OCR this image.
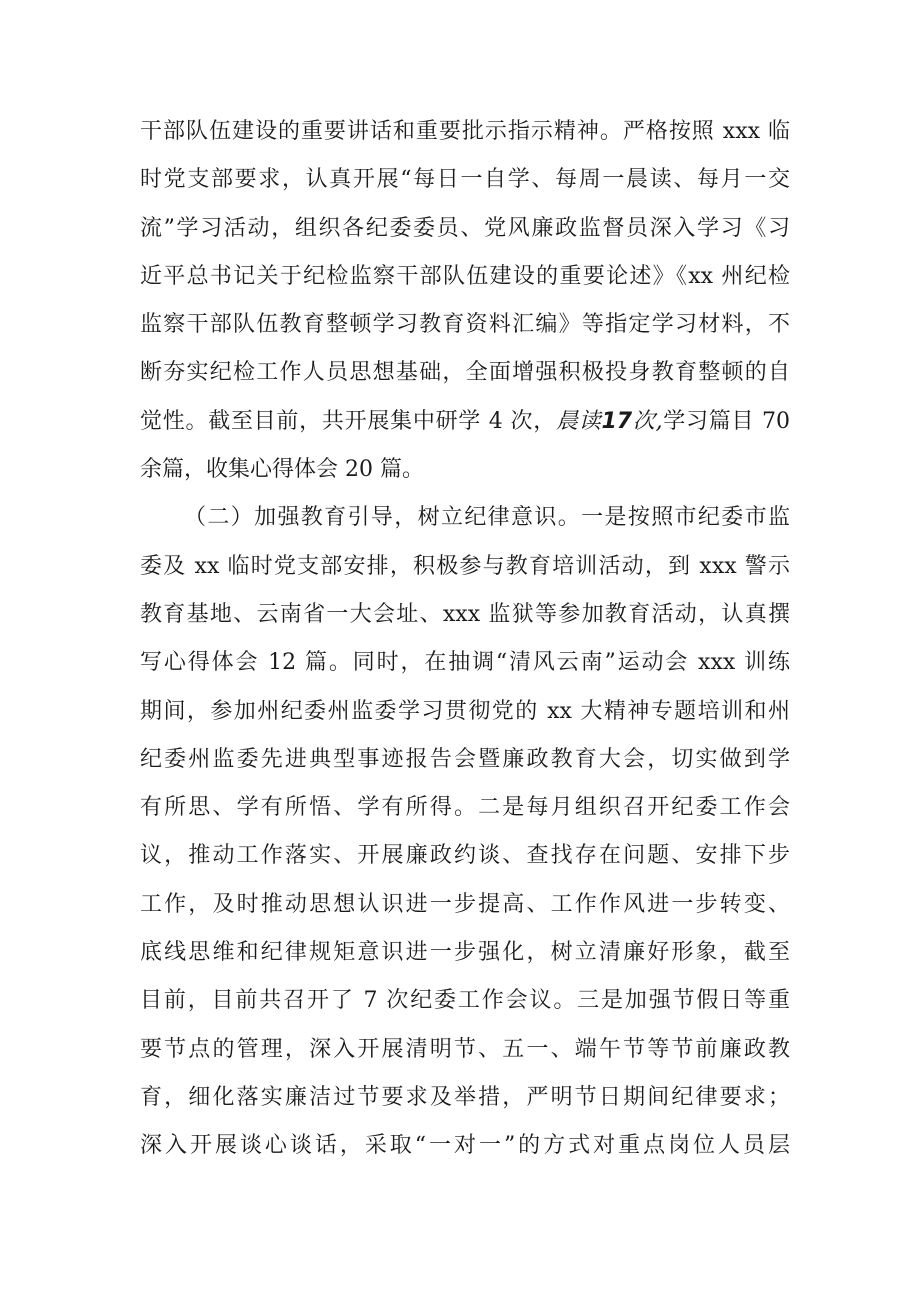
干部队伍建设的重要讲话和重要批示指示精神。严格按照 xxx 临
时党支部要求，认真开展“每日一自学、每周一晨读、每月一交
流”学习活动，组织各纪委委员、党风廉政监督员深入学习《习
近平总书记关于纪检监察干部队伍建设的重要论述》《xx 州纪检
监察干部队伍教育整顿学习教育资料汇编》等指定学习材料，不
断夯实纪检工作人员思想基础，全面增强积极投身教育整顿的自
觉性。截至目前，共开展集中研学 4 次，晨读17次,学习篇目 70
余篇，收集心得体会 20 篇。
（二）加强教育引导，树立纪律意识。一是按照市纪委市监
委及 xx 临时党支部安排，积极参与教育培训活动，到 xxx 警示
教育基地、云南省一大会址、xxx 监狱等参加教育活动，认真撰
写心得体会 12 篇。同时，在抽调“清风云南”运动会 xxx 训练
期间，参加州纪委州监委学习贯彻党的 xx 大精神专题培训和州
纪委州监委先进典型事迹报告会暨廉政教育大会，切实做到学
有所思、学有所悟、学有所得。二是每月组织召开纪委工作会
议，推动工作落实、开展廉政约谈、查找存在问题、安排下步
工作，及时推动思想认识进一步提高、工作作风进一步转变、
底线思维和纪律规矩意识进一步强化，树立清廉好形象，截至
目前，目前共召开了 7 次纪委工作会议。三是加强节假日等重
要节点的管理，深入开展清明节、五一、端午节等节前廉政教
育，细化落实廉洁过节要求及举措，严明节日期间纪律要求；
深入开展谈心谈话，采取“一对一”的方式对重点岗位人员层
